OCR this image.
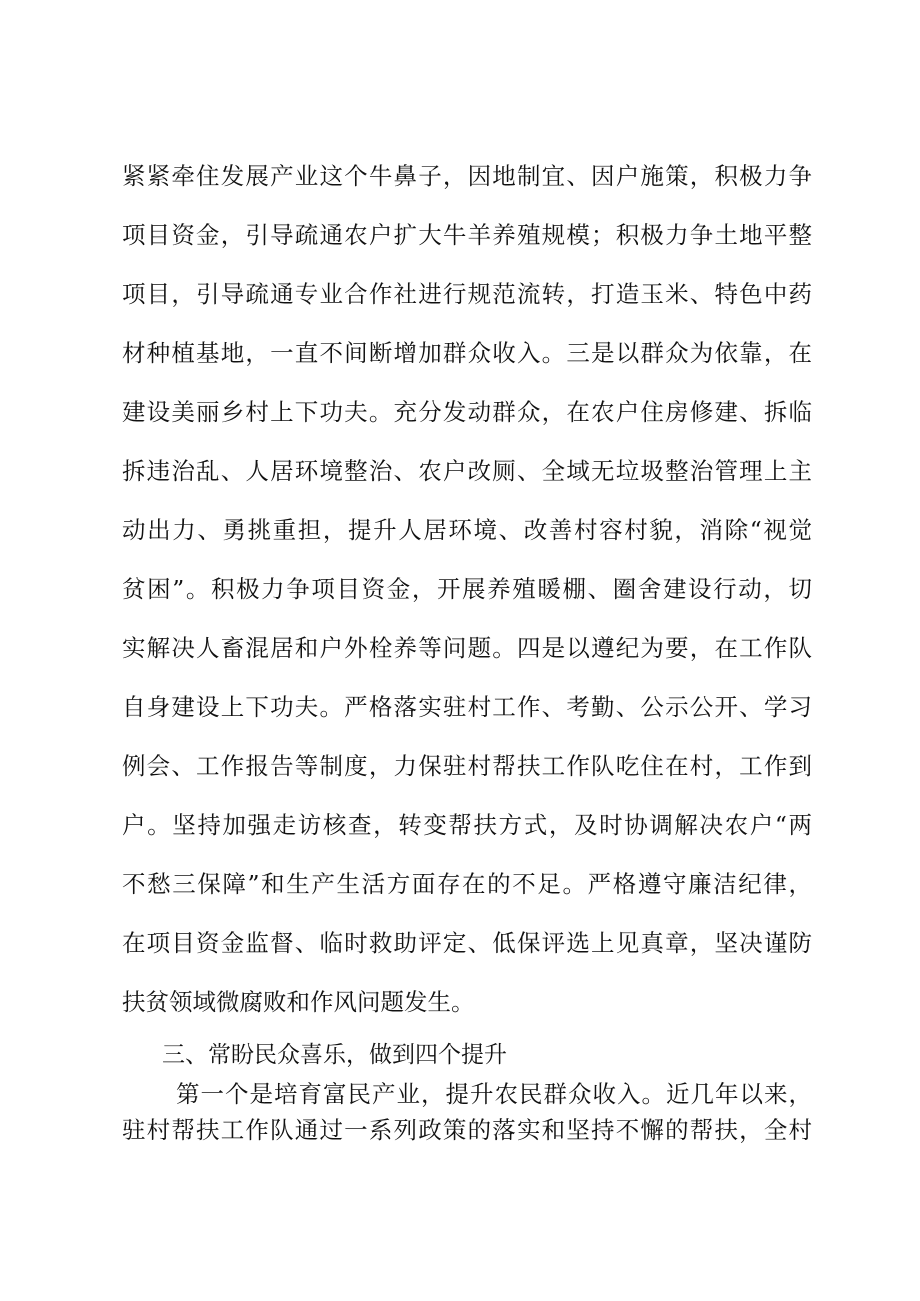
紧紧牵住发展产业这个牛鼻子，因地制宜、因户施策，积极力争
项目资金，引导疏通农户扩大牛羊养殖规模；积极力争土地平整
项目，引导疏通专业合作社进行规范流转，打造玉米、特色中药
材种植基地，一直不间断增加群众收入。三是以群众为依靠，在
建设美丽乡村上下功夫。充分发动群众，在农户住房修建、拆临
拆违治乱、人居环境整治、农户改厕、全域无垃圾整治管理上主
动出力、勇挑重担，提升人居环境、改善村容村貌，消除“视觉
贫困”。积极力争项目资金，开展养殖暖棚、圈舍建设行动，切
实解决人畜混居和户外栓养等问题。四是以遵纪为要，在工作队
自身建设上下功夫。严格落实驻村工作、考勤、公示公开、学习
例会、工作报告等制度，力保驻村帮扶工作队吃住在村，工作到
户。坚持加强走访核查，转变帮扶方式，及时协调解决农户“两
不愁三保障”和生产生活方面存在的不足。严格遵守廉洁纪律，
在项目资金监督、临时救助评定、低保评选上见真章，坚决谨防
扶贫领域微腐败和作风问题发生。
三、常盼民众喜乐，做到四个提升
第一个是培育富民产业，提升农民群众收入。近几年以来，
驻村帮扶工作队通过一系列政策的落实和坚持不懈的帮扶，全村
